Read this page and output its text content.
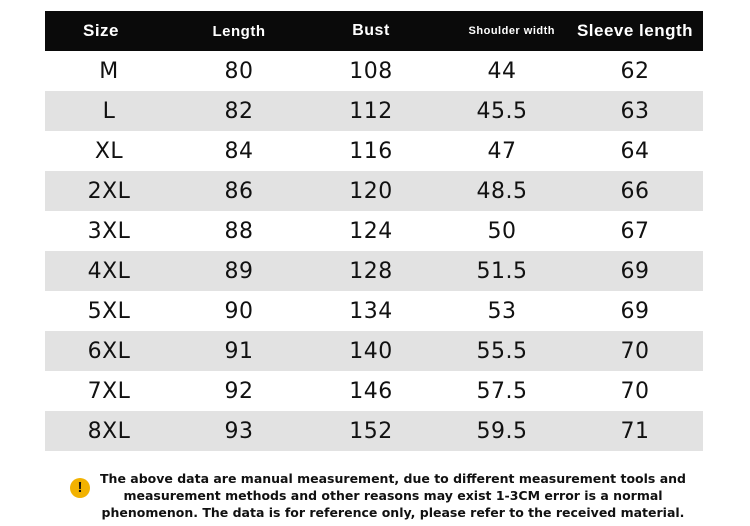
Size	Length	Bust	Shoulder width	Sleeve length
M	80	108	44	62
L	82	112	45.5	63
XL	84	116	47	64
2XL	86	120	48.5	66
3XL	88	124	50	67
4XL	89	128	51.5	69
5XL	90	134	53	69
6XL	91	140	55.5	70
7XL	92	146	57.5	70
8XL	93	152	59.5	71
!
The above data are manual measurement, due to different measurement tools and
measurement methods and other reasons may exist 1-3CM error is a normal
phenomenon. The data is for reference only, please refer to the received material.
